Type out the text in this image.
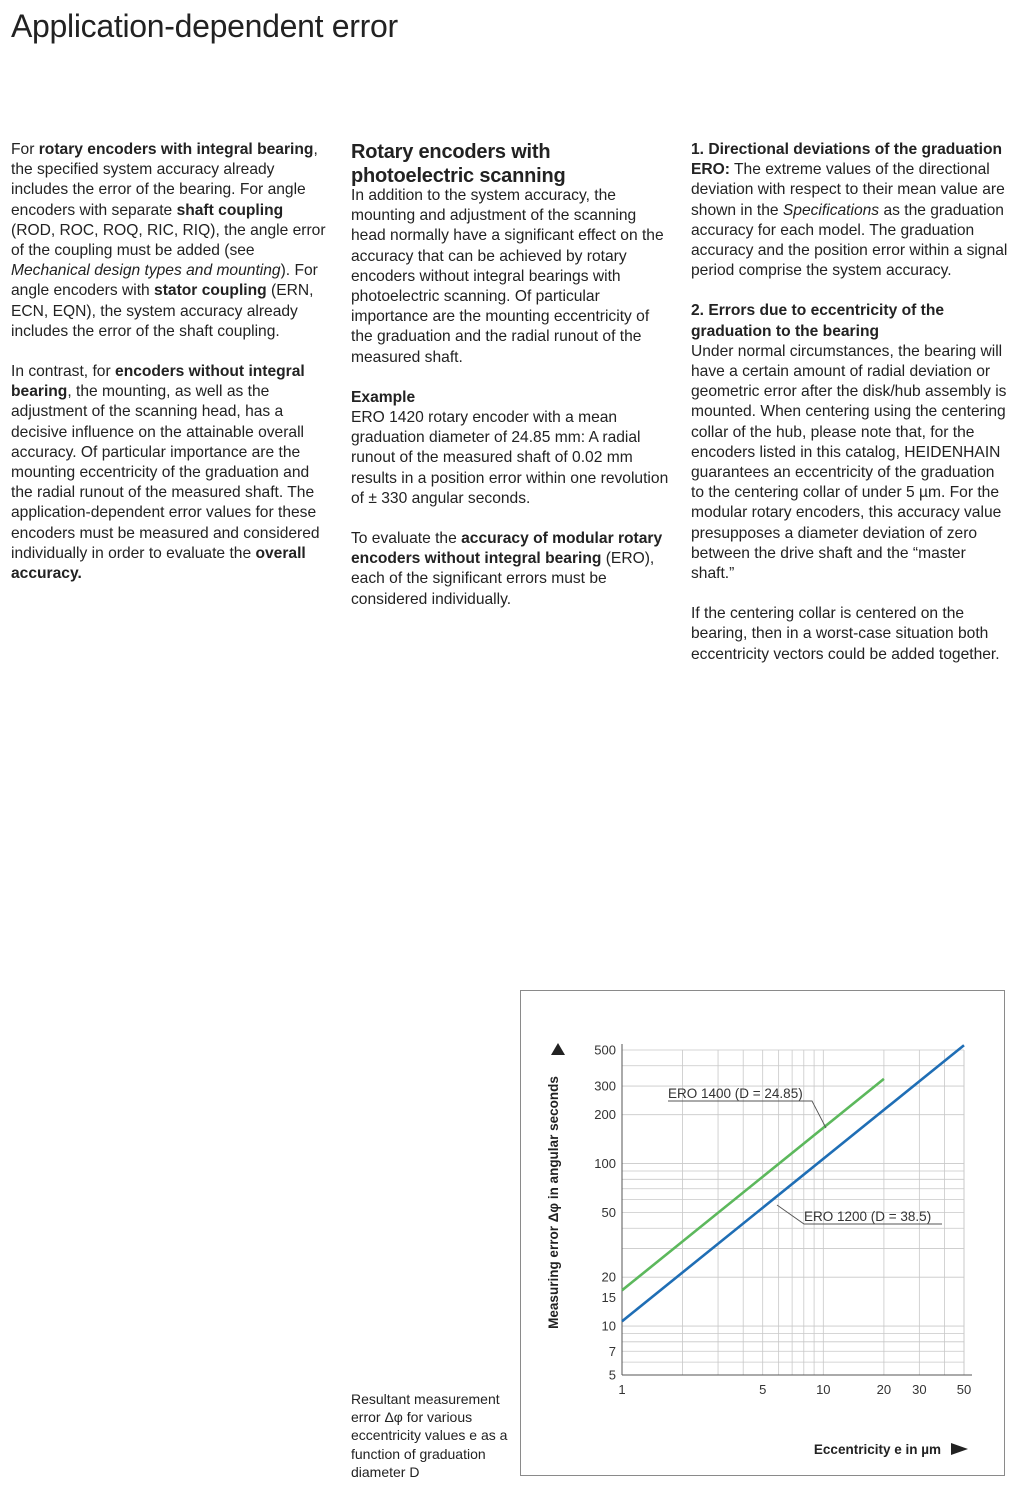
Application-dependent error

For rotary encoders with integral bearing, the specified system accuracy already includes the error of the bearing. For angle encoders with separate shaft coupling (ROD, ROC, ROQ, RIC, RIQ), the angle error of the coupling must be added (see Mechanical design types and mounting). For angle encoders with stator coupling (ERN, ECN, EQN), the system accuracy already includes the error of the shaft coupling.

In contrast, for encoders without integral bearing, the mounting, as well as the adjustment of the scanning head, has a decisive influence on the attainable overall accuracy. Of particular importance are the mounting eccentricity of the graduation and the radial runout of the measured shaft. The application-dependent error values for these encoders must be measured and considered individually in order to evaluate the overall accuracy.

Rotary encoders with photoelectric scanning

In addition to the system accuracy, the mounting and adjustment of the scanning head normally have a significant effect on the accuracy that can be achieved by rotary encoders without integral bearings with photoelectric scanning. Of particular importance are the mounting eccentricity of the graduation and the radial runout of the measured shaft.

Example
ERO 1420 rotary encoder with a mean graduation diameter of 24.85 mm: A radial runout of the measured shaft of 0.02 mm results in a position error within one revolution of ± 330 angular seconds.

To evaluate the accuracy of modular rotary encoders without integral bearing (ERO), each of the significant errors must be considered individually.

1. Directional deviations of the graduation
ERO: The extreme values of the directional deviation with respect to their mean value are shown in the Specifications as the graduation accuracy for each model. The graduation accuracy and the position error within a signal period comprise the system accuracy.

2. Errors due to eccentricity of the graduation to the bearing
Under normal circumstances, the bearing will have a certain amount of radial deviation or geometric error after the disk/hub assembly is mounted. When centering using the centering collar of the hub, please note that, for the encoders listed in this catalog, HEIDENHAIN guarantees an eccentricity of the graduation to the centering collar of under 5 µm. For the modular rotary encoders, this accuracy value presupposes a diameter deviation of zero between the drive shaft and the “master shaft.”

If the centering collar is centered on the bearing, then in a worst-case situation both eccentricity vectors could be added together.

Resultant measurement error Δφ for various eccentricity values e as a function of graduation diameter D
1	5	10	20 30 50
5
7
10
15
20
50
100
200
300
500
ERO 1400 (D = 24.85)
ERO 1200 (D = 38.5)
Measuring error Δφ in angular seconds
Eccentricity e in µm
